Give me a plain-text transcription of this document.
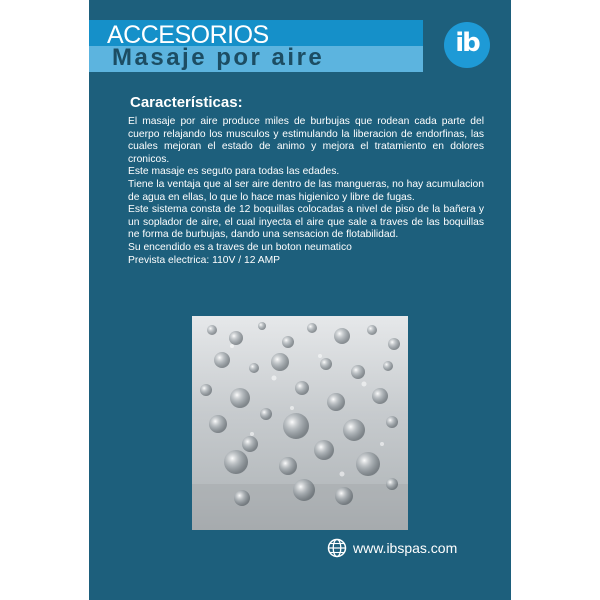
ACCESORIOS
Masaje por aire	ib
Características:

El masaje por aire produce miles de burbujas que rodean cada parte del cuerpo relajando los musculos y estimulando la liberacion de endorfinas, las cuales mejoran el estado de animo y mejora el tratamiento en dolores cronicos.

Este masaje es seguto para todas las edades.

Tiene la ventaja que al ser aire dentro de las mangueras, no hay acumulacion de agua en ellas, lo que lo hace mas higienico y libre de fugas.

Este sistema consta de 12 boquillas colocadas a nivel de piso de la bañera y un soplador de aire, el cual inyecta el aire que sale a traves de las boquillas ne forma de burbujas, dando una sensacion de flotabilidad.

Su encendido es a traves de un boton neumatico

Prevista electrica: 110V / 12 AMP

www.ibspas.com
